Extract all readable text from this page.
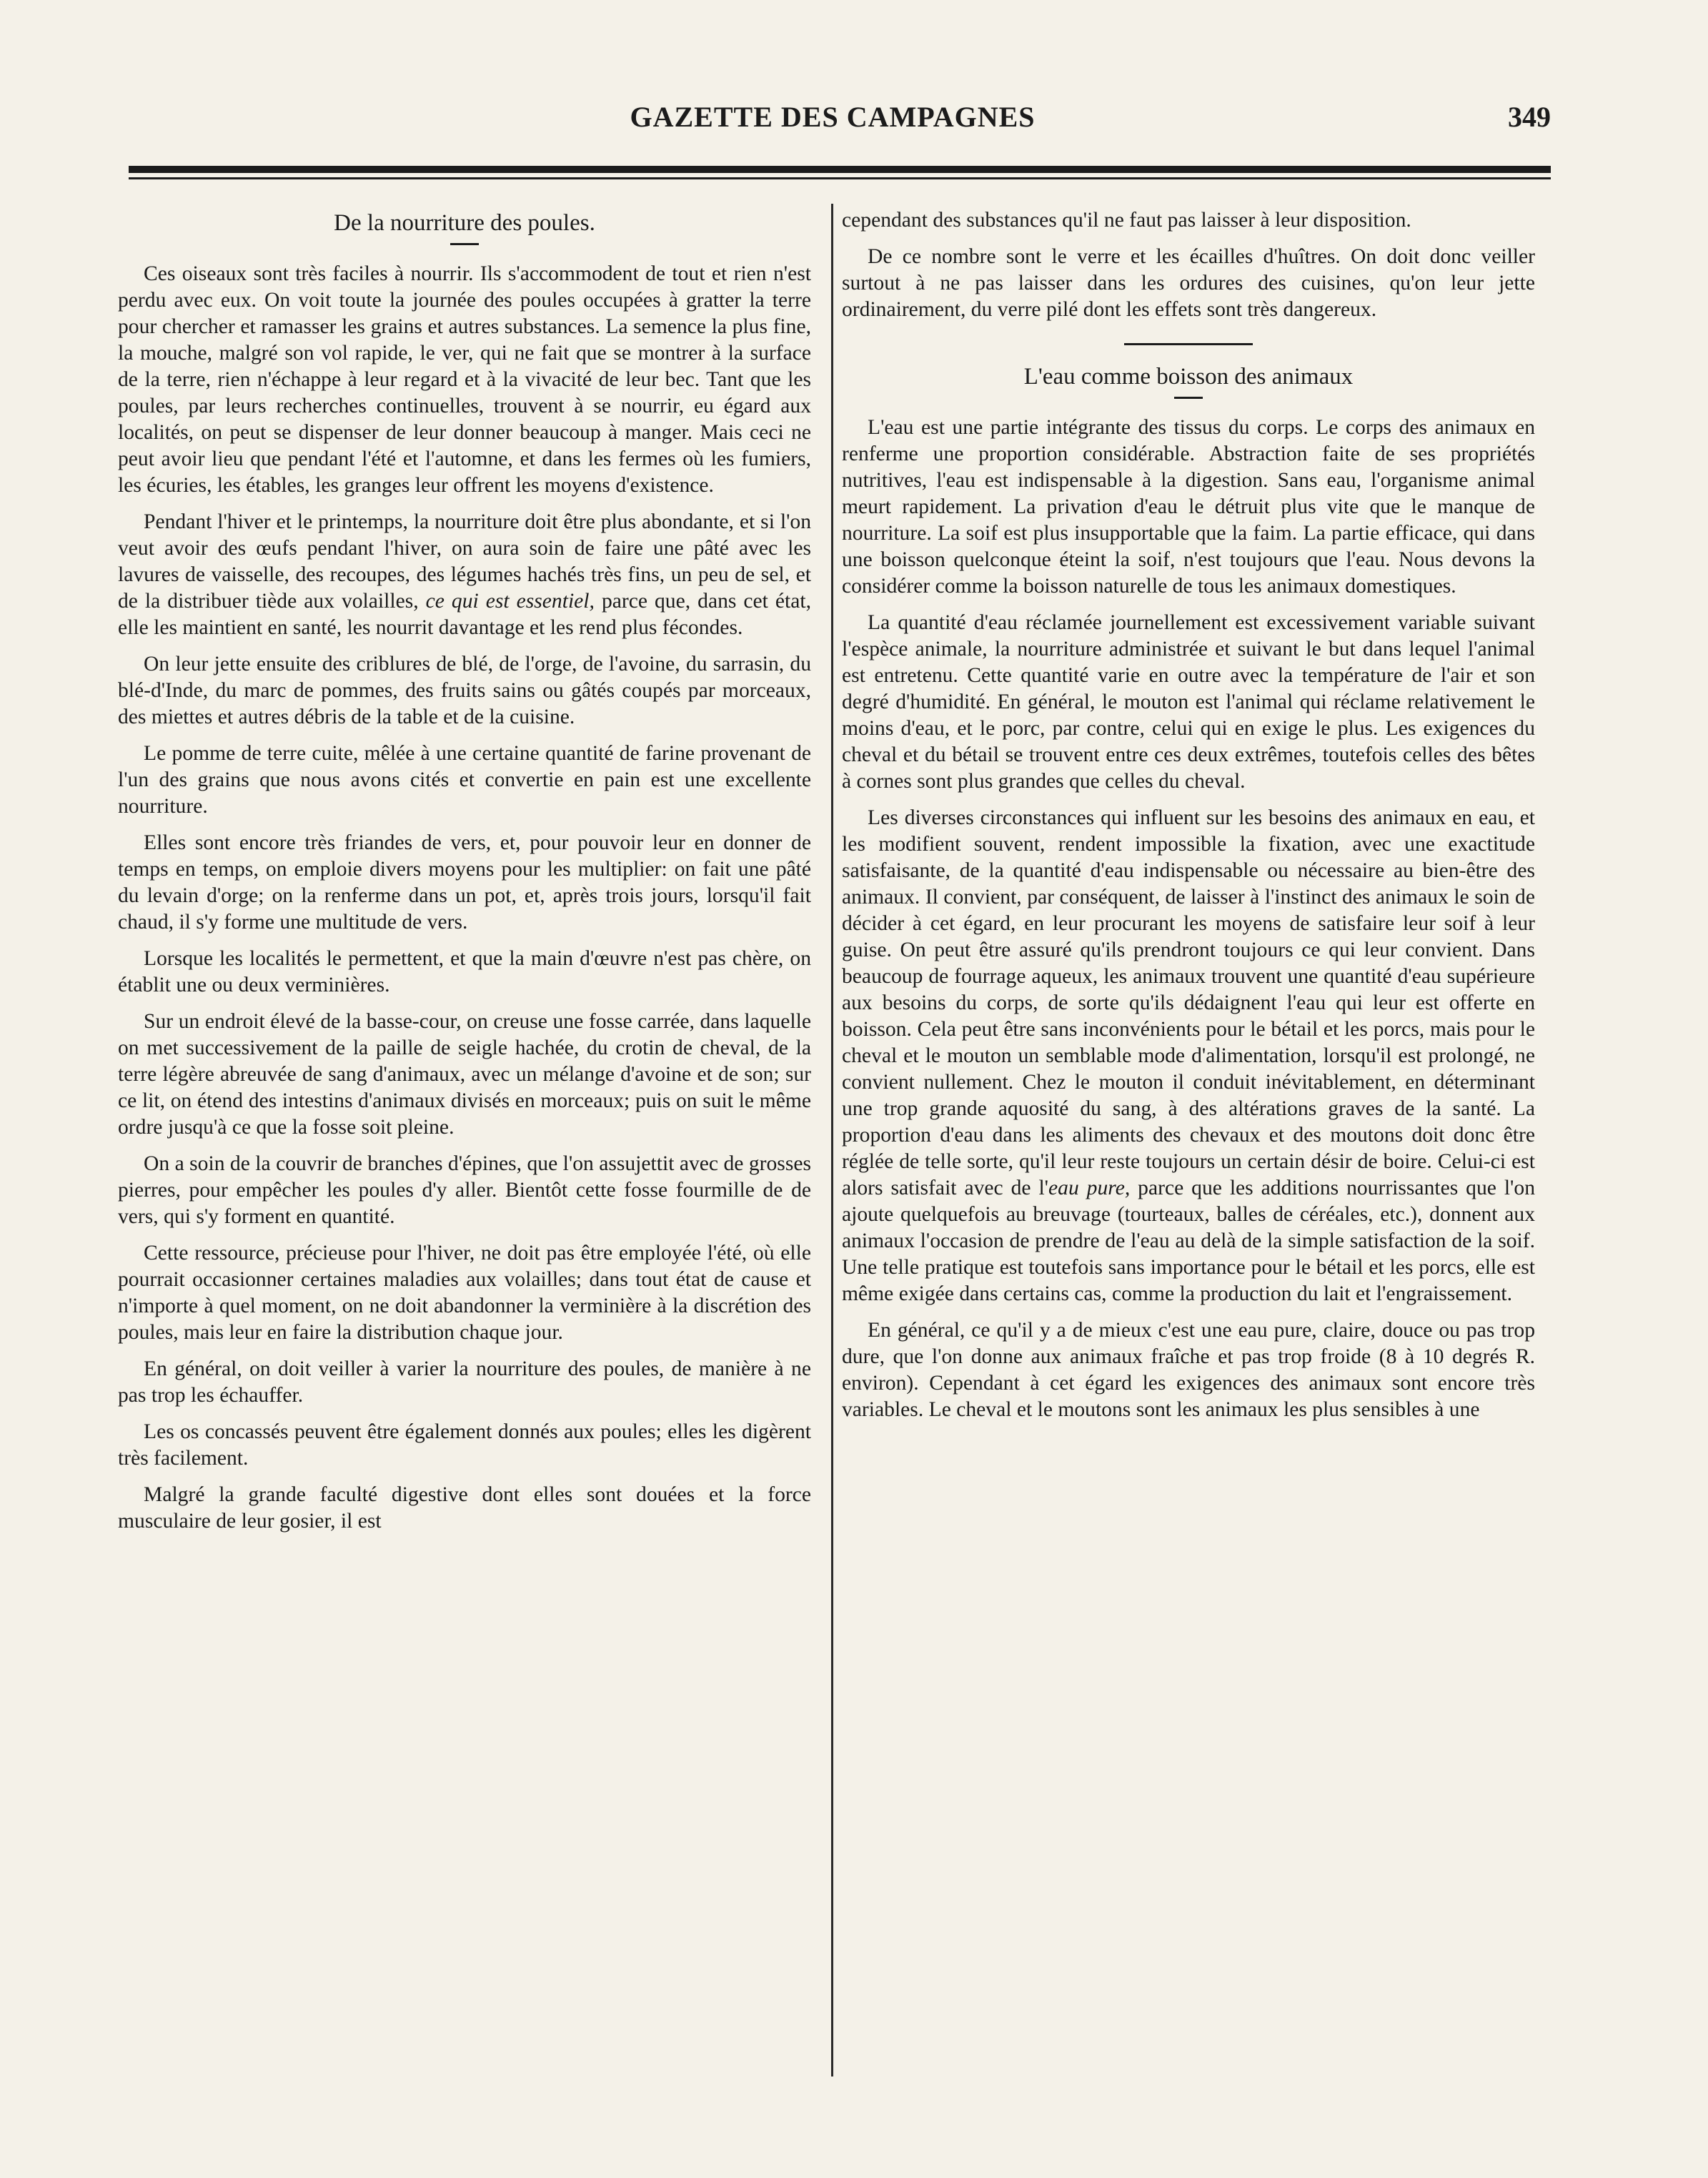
GAZETTE DES CAMPAGNES	349
De la nourriture des poules.

Ces oiseaux sont très faciles à nourrir. Ils s'accommodent de tout et rien n'est perdu avec eux. On voit toute la journée des poules occupées à gratter la terre pour chercher et ramasser les grains et autres substances. La semence la plus fine, la mouche, malgré son vol rapide, le ver, qui ne fait que se montrer à la surface de la terre, rien n'échappe à leur regard et à la vivacité de leur bec. Tant que les poules, par leurs recherches continuelles, trouvent à se nourrir, eu égard aux localités, on peut se dispenser de leur donner beaucoup à manger. Mais ceci ne peut avoir lieu que pendant l'été et l'automne, et dans les fermes où les fumiers, les écuries, les étables, les granges leur offrent les moyens d'existence.

Pendant l'hiver et le printemps, la nourriture doit être plus abondante, et si l'on veut avoir des œufs pendant l'hiver, on aura soin de faire une pâté avec les lavures de vaisselle, des recoupes, des légumes hachés très fins, un peu de sel, et de la distribuer tiède aux volailles, ce qui est essentiel, parce que, dans cet état, elle les maintient en santé, les nourrit davantage et les rend plus fécondes.

On leur jette ensuite des criblures de blé, de l'orge, de l'avoine, du sarrasin, du blé-d'Inde, du marc de pommes, des fruits sains ou gâtés coupés par morceaux, des miettes et autres débris de la table et de la cuisine.

Le pomme de terre cuite, mêlée à une certaine quantité de farine provenant de l'un des grains que nous avons cités et convertie en pain est une excellente nourriture.

Elles sont encore très friandes de vers, et, pour pouvoir leur en donner de temps en temps, on emploie divers moyens pour les multiplier: on fait une pâté du levain d'orge; on la renferme dans un pot, et, après trois jours, lorsqu'il fait chaud, il s'y forme une multitude de vers.

Lorsque les localités le permettent, et que la main d'œuvre n'est pas chère, on établit une ou deux verminières.

Sur un endroit élevé de la basse-cour, on creuse une fosse carrée, dans laquelle on met successivement de la paille de seigle hachée, du crotin de cheval, de la terre légère abreuvée de sang d'animaux, avec un mélange d'avoine et de son; sur ce lit, on étend des intestins d'animaux divisés en morceaux; puis on suit le même ordre jusqu'à ce que la fosse soit pleine.

On a soin de la couvrir de branches d'épines, que l'on assujettit avec de grosses pierres, pour empêcher les poules d'y aller. Bientôt cette fosse fourmille de de vers, qui s'y forment en quantité.

Cette ressource, précieuse pour l'hiver, ne doit pas être employée l'été, où elle pourrait occasionner certaines maladies aux volailles; dans tout état de cause et n'importe à quel moment, on ne doit abandonner la verminière à la discrétion des poules, mais leur en faire la distribution chaque jour.

En général, on doit veiller à varier la nourriture des poules, de manière à ne pas trop les échauffer.

Les os concassés peuvent être également donnés aux poules; elles les digèrent très facilement.

Malgré la grande faculté digestive dont elles sont douées et la force musculaire de leur gosier, il est

cependant des substances qu'il ne faut pas laisser à leur disposition.

De ce nombre sont le verre et les écailles d'huîtres. On doit donc veiller surtout à ne pas laisser dans les ordures des cuisines, qu'on leur jette ordinairement, du verre pilé dont les effets sont très dangereux.

L'eau comme boisson des animaux

L'eau est une partie intégrante des tissus du corps. Le corps des animaux en renferme une proportion considérable. Abstraction faite de ses propriétés nutritives, l'eau est indispensable à la digestion. Sans eau, l'organisme animal meurt rapidement. La privation d'eau le détruit plus vite que le manque de nourriture. La soif est plus insupportable que la faim. La partie efficace, qui dans une boisson quelconque éteint la soif, n'est toujours que l'eau. Nous devons la considérer comme la boisson naturelle de tous les animaux domestiques.

La quantité d'eau réclamée journellement est excessivement variable suivant l'espèce animale, la nourriture administrée et suivant le but dans lequel l'animal est entretenu. Cette quantité varie en outre avec la température de l'air et son degré d'humidité. En général, le mouton est l'animal qui réclame relativement le moins d'eau, et le porc, par contre, celui qui en exige le plus. Les exigences du cheval et du bétail se trouvent entre ces deux extrêmes, toutefois celles des bêtes à cornes sont plus grandes que celles du cheval.

Les diverses circonstances qui influent sur les besoins des animaux en eau, et les modifient souvent, rendent impossible la fixation, avec une exactitude satisfaisante, de la quantité d'eau indispensable ou nécessaire au bien-être des animaux. Il convient, par conséquent, de laisser à l'instinct des animaux le soin de décider à cet égard, en leur procurant les moyens de satisfaire leur soif à leur guise. On peut être assuré qu'ils prendront toujours ce qui leur convient. Dans beaucoup de fourrage aqueux, les animaux trouvent une quantité d'eau supérieure aux besoins du corps, de sorte qu'ils dédaignent l'eau qui leur est offerte en boisson. Cela peut être sans inconvénients pour le bétail et les porcs, mais pour le cheval et le mouton un semblable mode d'alimentation, lorsqu'il est prolongé, ne convient nullement. Chez le mouton il conduit inévitablement, en déterminant une trop grande aquosité du sang, à des altérations graves de la santé. La proportion d'eau dans les aliments des chevaux et des moutons doit donc être réglée de telle sorte, qu'il leur reste toujours un certain désir de boire. Celui-ci est alors satisfait avec de l'eau pure, parce que les additions nourrissantes que l'on ajoute quelquefois au breuvage (tourteaux, balles de céréales, etc.), donnent aux animaux l'occasion de prendre de l'eau au delà de la simple satisfaction de la soif. Une telle pratique est toutefois sans importance pour le bétail et les porcs, elle est même exigée dans certains cas, comme la production du lait et l'engraissement.

En général, ce qu'il y a de mieux c'est une eau pure, claire, douce ou pas trop dure, que l'on donne aux animaux fraîche et pas trop froide (8 à 10 degrés R. environ). Cependant à cet égard les exigences des animaux sont encore très variables. Le cheval et le moutons sont les animaux les plus sensibles à une
